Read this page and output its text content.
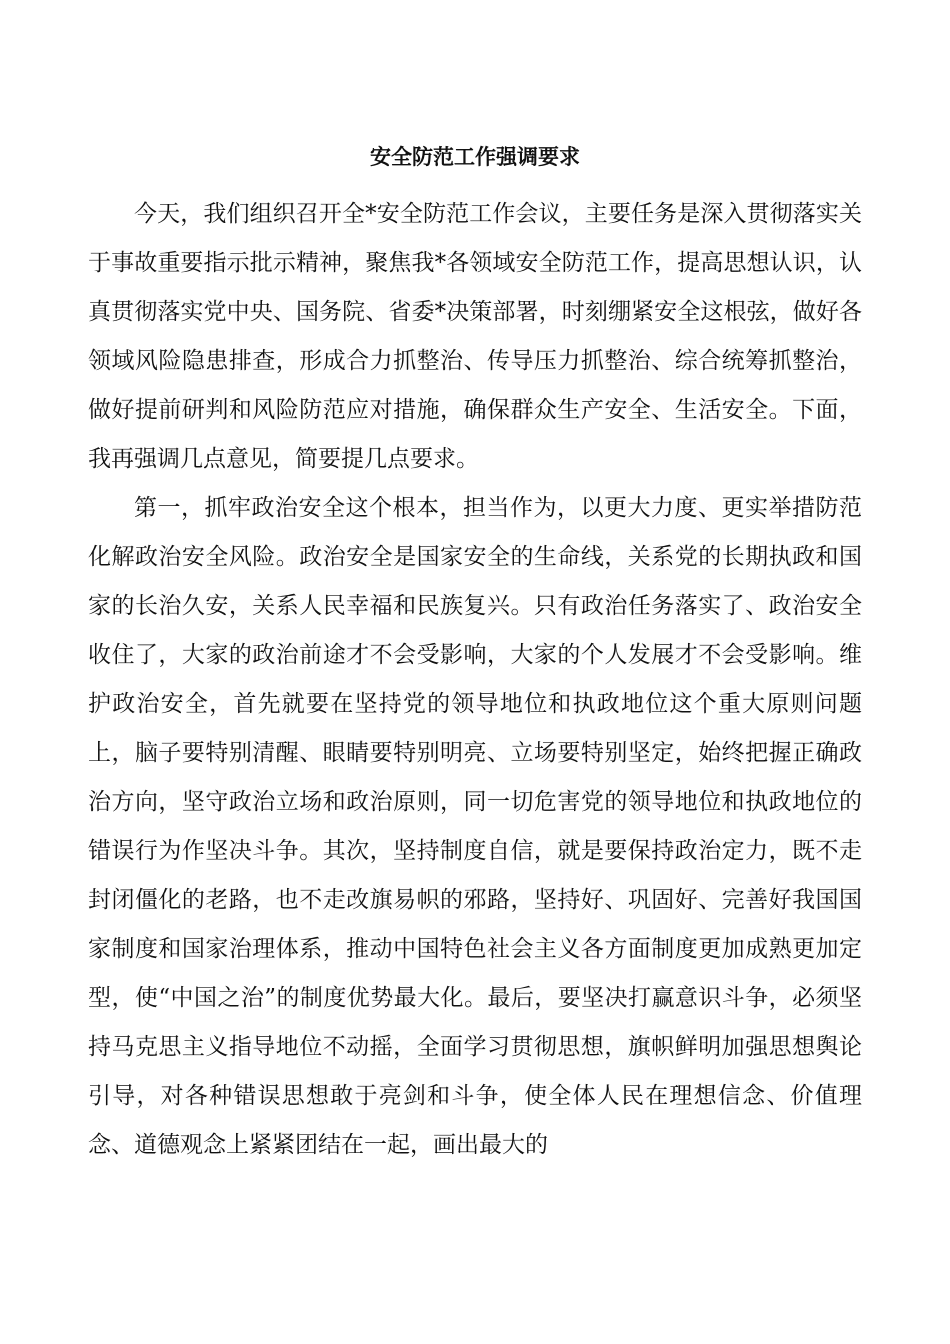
安全防范工作强调要求

今天，我们组织召开全*安全防范工作会议，主要任务是深入贯彻落实关于事故重要指示批示精神，聚焦我*各领域安全防范工作，提高思想认识，认真贯彻落实党中央、国务院、省委*决策部署，时刻绷紧安全这根弦，做好各领域风险隐患排查，形成合力抓整治、传导压力抓整治、综合统筹抓整治，做好提前研判和风险防范应对措施，确保群众生产安全、生活安全。下面，我再强调几点意见，简要提几点要求。

第一，抓牢政治安全这个根本，担当作为，以更大力度、更实举措防范化解政治安全风险。政治安全是国家安全的生命线，关系党的长期执政和国家的长治久安，关系人民幸福和民族复兴。只有政治任务落实了、政治安全收住了，大家的政治前途才不会受影响，大家的个人发展才不会受影响。维护政治安全，首先就要在坚持党的领导地位和执政地位这个重大原则问题上，脑子要特别清醒、眼睛要特别明亮、立场要特别坚定，始终把握正确政治方向，坚守政治立场和政治原则，同一切危害党的领导地位和执政地位的错误行为作坚决斗争。其次，坚持制度自信，就是要保持政治定力，既不走封闭僵化的老路，也不走改旗易帜的邪路，坚持好、巩固好、完善好我国国家制度和国家治理体系，推动中国特色社会主义各方面制度更加成熟更加定型，使“中国之治”的制度优势最大化。最后，要坚决打赢意识斗争，必须坚持马克思主义指导地位不动摇，全面学习贯彻思想，旗帜鲜明加强思想舆论引导，对各种错误思想敢于亮剑和斗争，使全体人民在理想信念、价值理念、道德观念上紧紧团结在一起，画出最大的
